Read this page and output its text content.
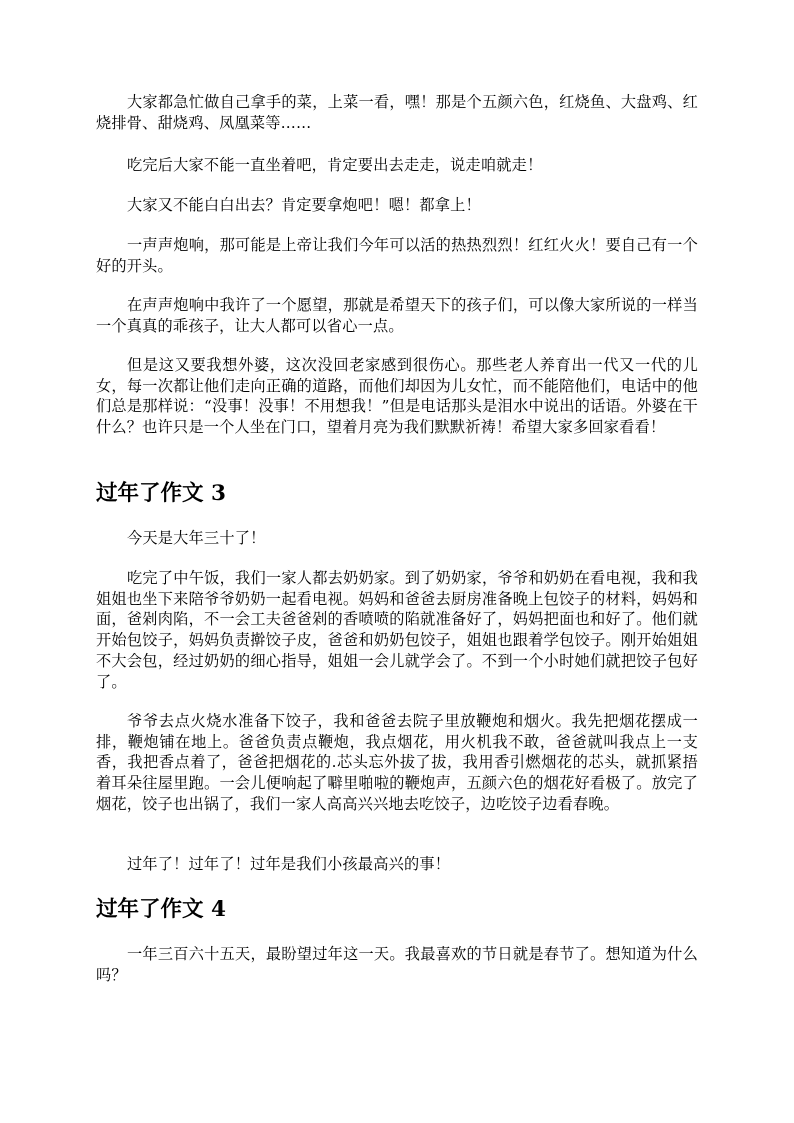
大家都急忙做自己拿手的菜，上菜一看，嘿！那是个五颜六色，红烧鱼、大盘鸡、红烧排骨、甜烧鸡、凤凰菜等……

吃完后大家不能一直坐着吧，肯定要出去走走，说走咱就走！

大家又不能白白出去？肯定要拿炮吧！嗯！都拿上！

一声声炮响，那可能是上帝让我们今年可以活的热热烈烈！红红火火！要自己有一个好的开头。

在声声炮响中我许了一个愿望，那就是希望天下的孩子们，可以像大家所说的一样当一个真真的乖孩子，让大人都可以省心一点。

但是这又要我想外婆，这次没回老家感到很伤心。那些老人养育出一代又一代的儿女，每一次都让他们走向正确的道路，而他们却因为儿女忙，而不能陪他们，电话中的他们总是那样说：“没事！没事！不用想我！”但是电话那头是泪水中说出的话语。外婆在干什么？也许只是一个人坐在门口，望着月亮为我们默默祈祷！希望大家多回家看看！

过年了作文 3

今天是大年三十了！

吃完了中午饭，我们一家人都去奶奶家。到了奶奶家，爷爷和奶奶在看电视，我和我姐姐也坐下来陪爷爷奶奶一起看电视。妈妈和爸爸去厨房准备晚上包饺子的材料，妈妈和面，爸剁肉陷，不一会工夫爸爸剁的香喷喷的陷就准备好了，妈妈把面也和好了。他们就开始包饺子，妈妈负责擀饺子皮，爸爸和奶奶包饺子，姐姐也跟着学包饺子。刚开始姐姐不大会包，经过奶奶的细心指导，姐姐一会儿就学会了。不到一个小时她们就把饺子包好了。

爷爷去点火烧水准备下饺子，我和爸爸去院子里放鞭炮和烟火。我先把烟花摆成一排，鞭炮铺在地上。爸爸负责点鞭炮，我点烟花，用火机我不敢，爸爸就叫我点上一支香，我把香点着了，爸爸把烟花的.芯头忘外拔了拔，我用香引燃烟花的芯头，就抓紧捂着耳朵往屋里跑。一会儿便响起了噼里啪啦的鞭炮声，五颜六色的烟花好看极了。放完了烟花，饺子也出锅了，我们一家人高高兴兴地去吃饺子，边吃饺子边看春晚。

过年了！过年了！过年是我们小孩最高兴的事！

过年了作文 4

一年三百六十五天，最盼望过年这一天。我最喜欢的节日就是春节了。想知道为什么吗？
